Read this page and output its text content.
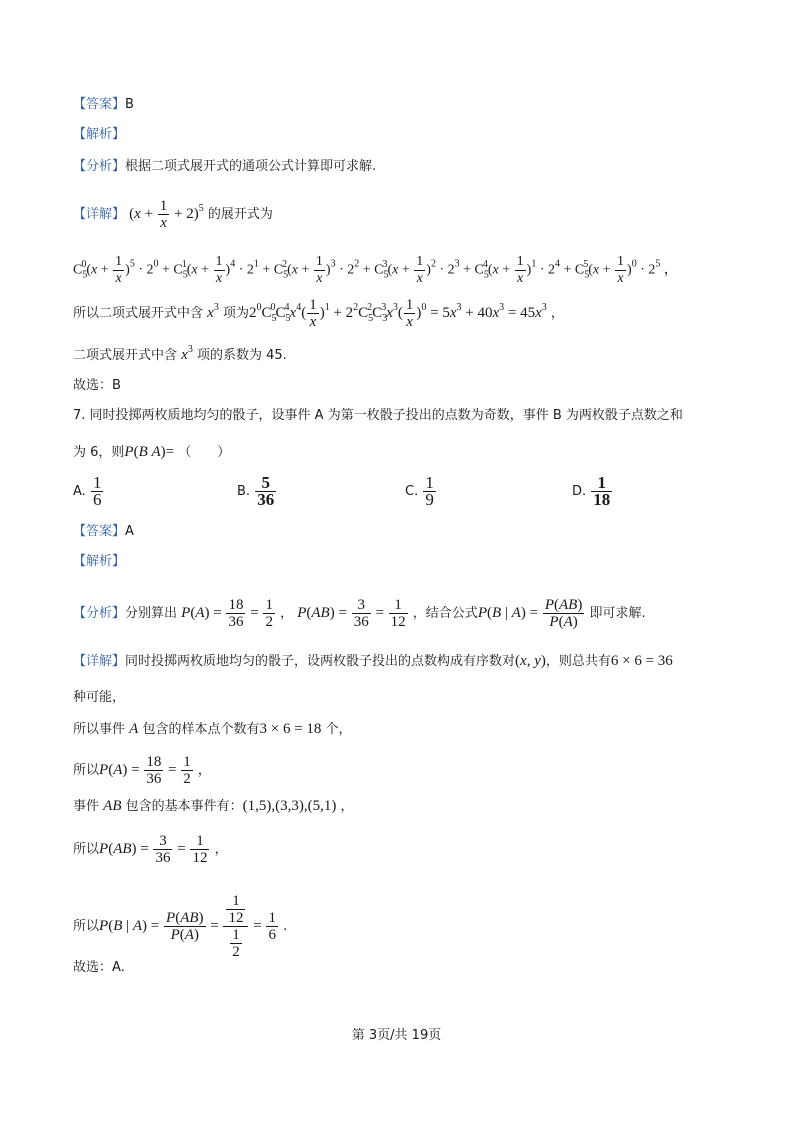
【答案】B
【解析】
【分析】根据二项式展开式的通项公式计算即可求解.
【详解】 $(x + \frac{1}{x} + 2)^5$ 的展开式为
$C_5^0(x + \frac{1}{x} )^5 \cdot 2^0 + C_5^1(x + \frac{1}{x} )^4 \cdot 2^1 + C_5^2(x + \frac{1}{x} )^3 \cdot 2^2 + C_5^3(x + \frac{1}{x} )^2 \cdot 2^3 + C_5^4(x + \frac{1}{x} )^1 \cdot 2^4 + C_5^5(x + \frac{1}{x} )^0 \cdot 2^5$ ，
所以二项式展开式中含 $x^3$ 项为$2^0C_5^0C_5^4x^4( \frac{1}{x} )^1 + 2^2C_5^2C_3^3x^3( \frac{1}{x} )^0 = 5x^3 + 40x^3 = 45x^3$ ，
二项式展开式中含 $x^3$ 项的系数为 45.
故选：B
7. 同时投掷两枚质地均匀的骰子，设事件 A 为第一枚骰子投出的点数为奇数，事件 B 为两枚骰子点数之和
为 6，则P(B A)= （　　）
A. $\frac{1}{6}$	B. $\frac{5}{36}$	C. $\frac{1}{9}$	D. $\frac{1}{18}$
【答案】A
【解析】
【分析】分别算出 $P(A) = \frac{18}{36} = \frac{1}{2}$ ， $P(AB) = \frac{3}{36} = \frac{1}{12}$ ，结合公式P(B | $A) = \frac{P(AB)}{P(A)}$ 即可求解.
【详解】同时投掷两枚质地均匀的骰子，设两枚骰子投出的点数构成有序数对(x, y)，则总共有6 × 6 = 36
种可能，
所以事件 A 包含的样本点个数有3 × 6 = 18 个，
所以$P(A) = \frac{18}{36} = \frac{1}{2}$ ，
事件 AB 包含的基本事件有：(1,5),(3,3),(5,1) ，
所以$P(AB) = \frac{3}{36} = \frac{1}{12}$ ，
所以P(B | $A) = \frac{P(AB)}{P(A)} = \frac{\frac{1}{12}}{\frac{1}{2}} = \frac{1}{6}$ .
故选：A.
第 3页/共 19页
